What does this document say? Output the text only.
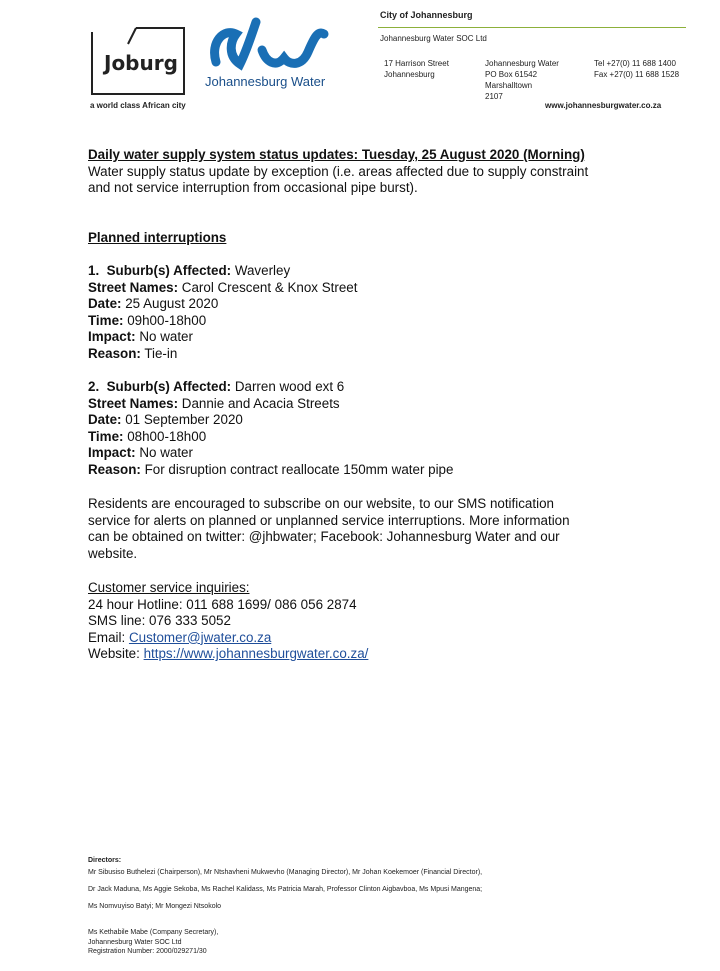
Joburg
Johannesburg Water
a world class African city
City of Johannesburg
Johannesburg Water SOC Ltd
17 Harrison Street
Johannesburg
Johannesburg Water
PO Box 61542
Marshalltown
2107
Tel +27(0) 11 688 1400
Fax +27(0) 11 688 1528
www.johannesburgwater.co.za
Daily water supply system status updates: Tuesday, 25 August 2020 (Morning)
Water supply status update by exception (i.e. areas affected due to supply constraint
and not service interruption from occasional pipe burst).
Planned interruptions
1. Suburb(s) Affected: Waverley
Street Names: Carol Crescent & Knox Street
Date: 25 August 2020
Time: 09h00-18h00
Impact: No water
Reason: Tie-in
2. Suburb(s) Affected: Darren wood ext 6
Street Names: Dannie and Acacia Streets
Date: 01 September 2020
Time: 08h00-18h00
Impact: No water
Reason: For disruption contract reallocate 150mm water pipe
Residents are encouraged to subscribe on our website, to our SMS notification
service for alerts on planned or unplanned service interruptions. More information
can be obtained on twitter: @jhbwater; Facebook: Johannesburg Water and our
website.
Customer service inquiries:
24 hour Hotline: 011 688 1699/ 086 056 2874
SMS line: 076 333 5052
Email: Customer@jwater.co.za
Website: https://www.johannesburgwater.co.za/
Directors:
Mr Sibusiso Buthelezi (Chairperson), Mr Ntshavheni Mukwevho (Managing Director), Mr Johan Koekemoer (Financial Director),
Dr Jack Maduna, Ms Aggie Sekoba, Ms Rachel Kalidass, Ms Patricia Marah, Professor Clinton Aigbavboa, Ms Mpusi Mangena;
Ms Nomvuyiso Batyi; Mr Mongezi Ntsokolo
Ms Kethabile Mabe (Company Secretary),
Johannesburg Water SOC Ltd
Registration Number: 2000/029271/30
